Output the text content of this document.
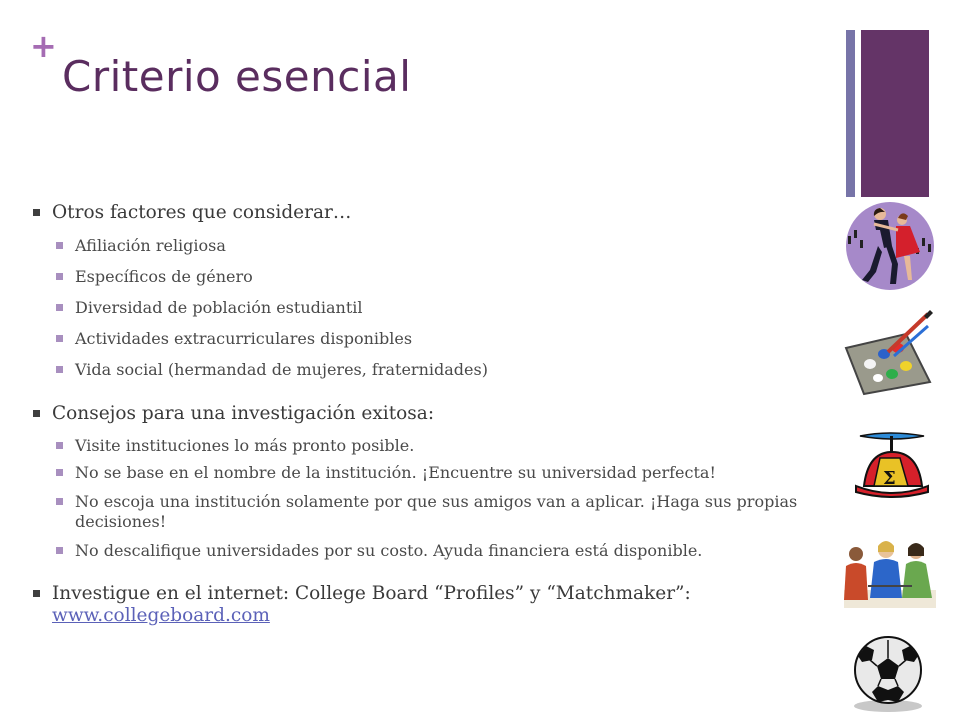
+
Criterio esencial
Otros factores que considerar…
Afiliación religiosa
Específicos de género
Diversidad de población estudiantil
Actividades extracurriculares disponibles
Vida social (hermandad de mujeres, fraternidades)
Consejos para una investigación exitosa:
Visite instituciones lo más pronto posible.
No se base en el nombre de la institución. ¡Encuentre su universidad perfecta!
No escoja una institución solamente por que sus amigos van a aplicar. ¡Haga sus propias decisiones!
No descalifique universidades por su costo. Ayuda financiera está disponible.
Investigue en el internet: College Board “Profiles” y “Matchmaker”: www.collegeboard.com
Σ
